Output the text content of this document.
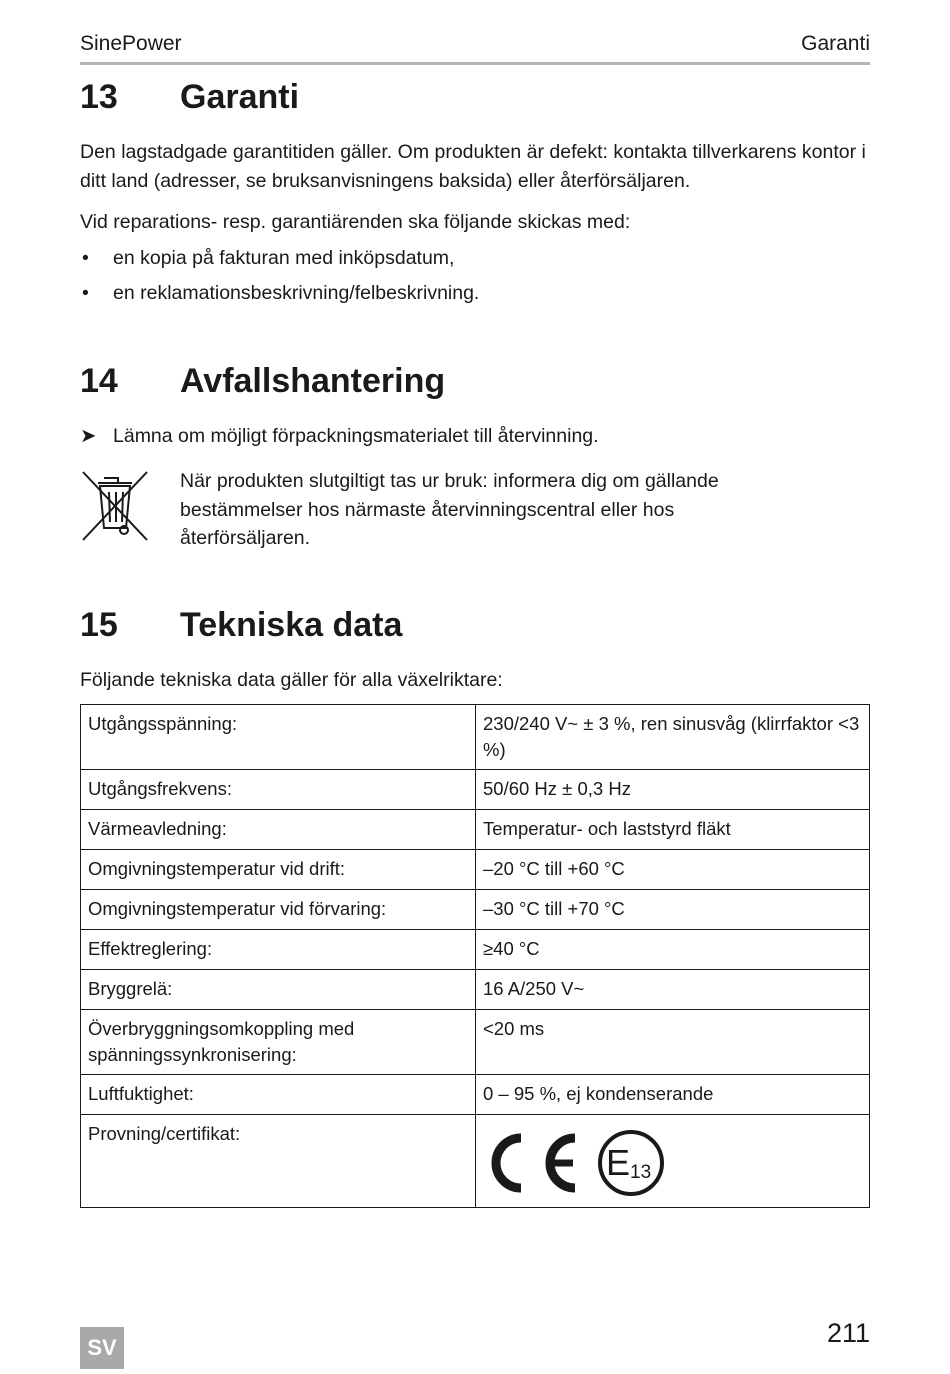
SinePower	Garanti
13 Garanti
Den lagstadgade garantitiden gäller. Om produkten är defekt: kontakta tillverkarens kontor i ditt land (adresser, se bruksanvisningens baksida) eller återförsäljaren.
Vid reparations- resp. garantiärenden ska följande skickas med:
• en kopia på fakturan med inköpsdatum,
• en reklamationsbeskrivning/felbeskrivning.
14 Avfallshantering
➤ Lämna om möjligt förpackningsmaterialet till återvinning.
När produkten slutgiltigt tas ur bruk: informera dig om gällande bestämmelser hos närmaste återvinningscentral eller hos återförsäljaren.
15 Tekniska data
Följande tekniska data gäller för alla växelriktare:
Utgångsspänning:	230/240 V~ ± 3 %, ren sinusvåg (klirrfaktor <3 %)
Utgångsfrekvens:	50/60 Hz ± 0,3 Hz
Värmeavledning:	Temperatur- och laststyrd fläkt
Omgivningstemperatur vid drift:	–20 °C till +60 °C
Omgivningstemperatur vid förvaring:	–30 °C till +70 °C
Effektreglering:	≥40 °C
Bryggrelä:	16 A/250 V~
Överbryggningsomkoppling med spänningssynkronisering:	<20 ms
Luftfuktighet:	0 – 95 %, ej kondenserande
Provning/certifikat:	E 13
SV	211
